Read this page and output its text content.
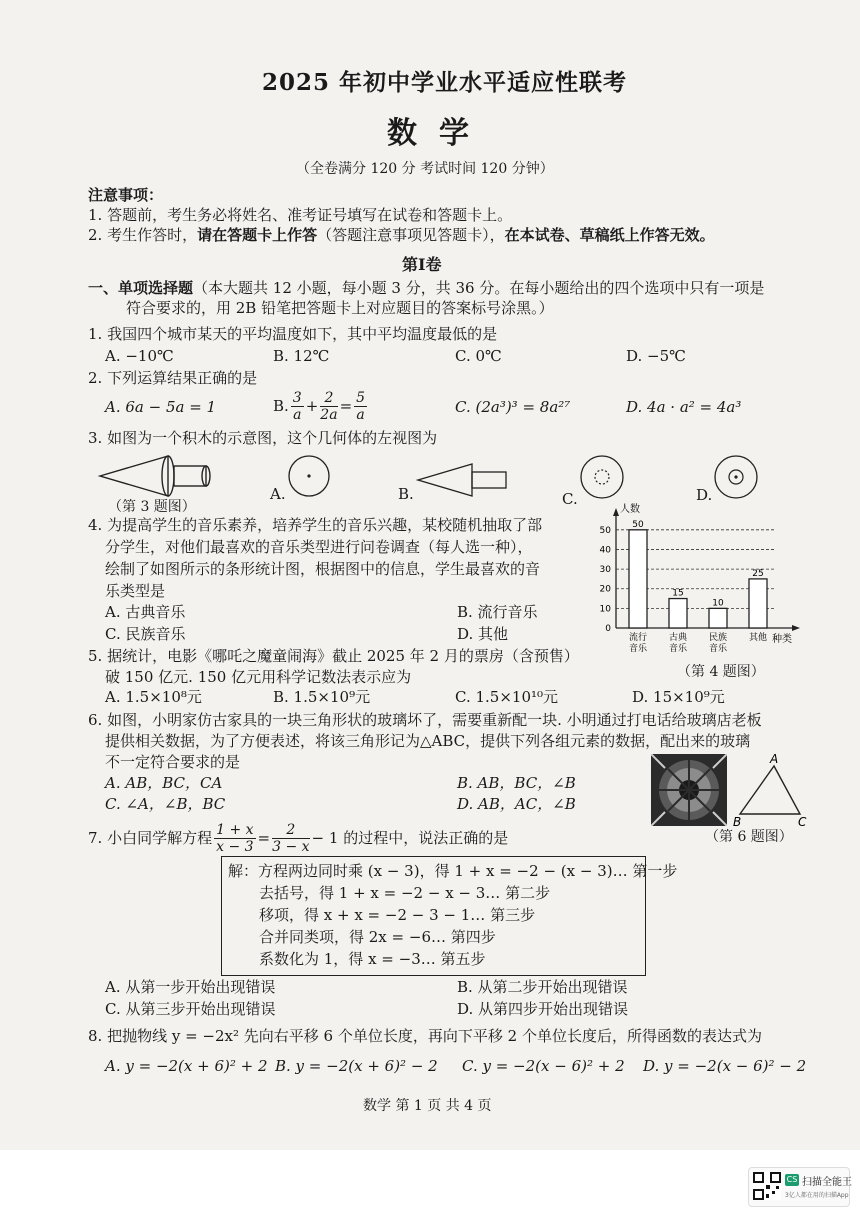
2025 年初中学业水平适应性联考
数学
（全卷满分 120 分 考试时间 120 分钟）
注意事项：
1. 答题前，考生务必将姓名、准考证号填写在试卷和答题卡上。
2. 考生作答时，请在答题卡上作答（答题注意事项见答题卡），在本试卷、草稿纸上作答无效。
第Ⅰ卷
一、单项选择题（本大题共 12 小题，每小题 3 分，共 36 分。在每小题给出的四个选项中只有一项是
符合要求的，用 2B 铅笔把答题卡上对应题目的答案标号涂黑。）
1. 我国四个城市某天的平均温度如下，其中平均温度最低的是
A. −10℃	B. 12℃	C. 0℃	D. −5℃
2. 下列运算结果正确的是
A. 6a − 5a = 1	B. $\frac{3}{a} + \frac{2}{2a} = \frac{5}{a}$	C. (2a³)³ = 8a²⁷	D. 4a · a² = 4a³
3. 如图为一个积木的示意图，这个几何体的左视图为
（第 3 题图）
A.	B.	C.	D.
4. 为提高学生的音乐素养，培养学生的音乐兴趣，某校随机抽取了部
分学生，对他们最喜欢的音乐类型进行问卷调查（每人选一种），
绘制了如图所示的条形统计图，根据图中的信息，学生最喜欢的音
乐类型是
A. 古典音乐	B. 流行音乐
C. 民族音乐	D. 其他
人数
种类
0
10
20
30
40
50
50
流行
音乐
15
古典
音乐
10
民族
音乐
25
其他
（第 4 题图）
5. 据统计，电影《哪吒之魔童闹海》截止 2025 年 2 月的票房（含预售）
破 150 亿元. 150 亿元用科学记数法表示应为
A. 1.5×10⁸元	B. 1.5×10⁹元	C. 1.5×10¹⁰元	D. 15×10⁹元
6. 如图，小明家仿古家具的一块三角形状的玻璃坏了，需要重新配一块. 小明通过打电话给玻璃店老板
提供相关数据，为了方便表述，将该三角形记为△ABC，提供下列各组元素的数据，配出来的玻璃
不一定符合要求的是
A. AB，BC，CA	B. AB，BC，∠B
C. ∠A，∠B，BC	D. AB，AC，∠B
A
B	C
（第 6 题图）
7. 小白同学解方程 $\frac{1 + x}{x - 3} = \frac{2}{3 - x} - 1$ 的过程中，说法正确的是
解：方程两边同时乘 (x − 3)，得 1 + x = −2 − (x − 3)… 第一步
去括号，得 1 + x = −2 − x − 3… 第二步
移项，得 x + x = −2 − 3 − 1… 第三步
合并同类项，得 2x = −6… 第四步
系数化为 1，得 x = −3… 第五步
A. 从第一步开始出现错误	B. 从第二步开始出现错误
C. 从第三步开始出现错误	D. 从第四步开始出现错误
8. 把抛物线 y = −2x² 先向右平移 6 个单位长度，再向下平移 2 个单位长度后，所得函数的表达式为
A. y = −2(x + 6)² + 2 B. y = −2(x + 6)² − 2 C. y = −2(x − 6)² + 2 D. y = −2(x − 6)² − 2
数学 第 1 页 共 4 页
CS 扫描全能王
3亿人都在用的扫描App
